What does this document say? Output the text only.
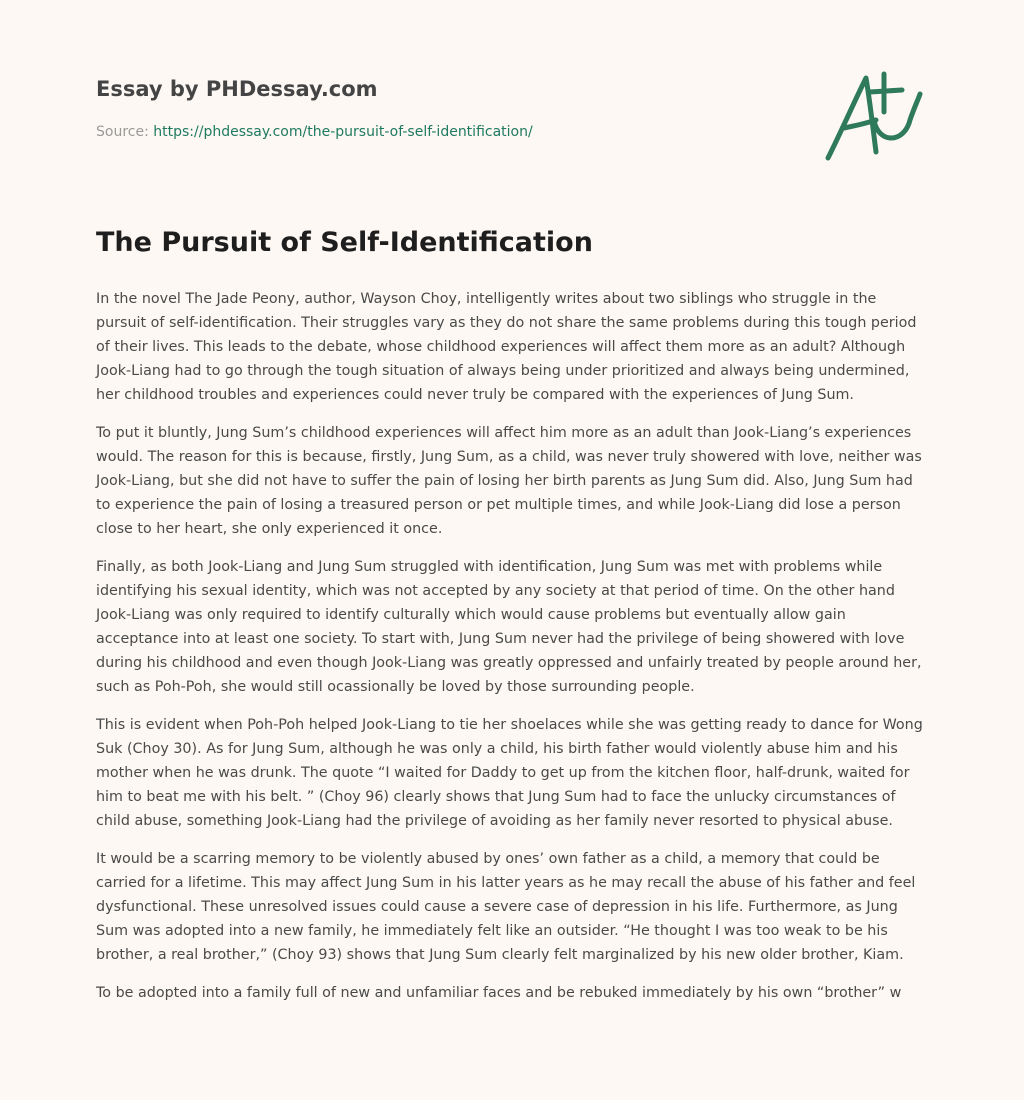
Essay by PHDessay.com
Source: https://phdessay.com/the-pursuit-of-self-identification/
The Pursuit of Self-Identification

In the novel The Jade Peony, author, Wayson Choy, intelligently writes about two siblings who struggle in the pursuit of self-identification. Their struggles vary as they do not share the same problems during this tough period of their lives. This leads to the debate, whose childhood experiences will affect them more as an adult? Although Jook-Liang had to go through the tough situation of always being under prioritized and always being undermined, her childhood troubles and experiences could never truly be compared with the experiences of Jung Sum.

To put it bluntly, Jung Sum’s childhood experiences will affect him more as an adult than Jook-Liang’s experiences would. The reason for this is because, firstly, Jung Sum, as a child, was never truly showered with love, neither was Jook-Liang, but she did not have to suffer the pain of losing her birth parents as Jung Sum did. Also, Jung Sum had to experience the pain of losing a treasured person or pet multiple times, and while Jook-Liang did lose a person close to her heart, she only experienced it once.

Finally, as both Jook-Liang and Jung Sum struggled with identification, Jung Sum was met with problems while identifying his sexual identity, which was not accepted by any society at that period of time. On the other hand Jook-Liang was only required to identify culturally which would cause problems but eventually allow gain acceptance into at least one society. To start with, Jung Sum never had the privilege of being showered with love during his childhood and even though Jook-Liang was greatly oppressed and unfairly treated by people around her, such as Poh-Poh, she would still ocassionally be loved by those surrounding people.

This is evident when Poh-Poh helped Jook-Liang to tie her shoelaces while she was getting ready to dance for Wong Suk (Choy 30). As for Jung Sum, although he was only a child, his birth father would violently abuse him and his mother when he was drunk. The quote “I waited for Daddy to get up from the kitchen floor, half-drunk, waited for him to beat me with his belt. ” (Choy 96) clearly shows that Jung Sum had to face the unlucky circumstances of child abuse, something Jook-Liang had the privilege of avoiding as her family never resorted to physical abuse.

It would be a scarring memory to be violently abused by ones’ own father as a child, a memory that could be carried for a lifetime. This may affect Jung Sum in his latter years as he may recall the abuse of his father and feel dysfunctional. These unresolved issues could cause a severe case of depression in his life. Furthermore, as Jung Sum was adopted into a new family, he immediately felt like an outsider. “He thought I was too weak to be his brother, a real brother,” (Choy 93) shows that Jung Sum clearly felt marginalized by his new older brother, Kiam.

To be adopted into a family full of new and unfamiliar faces and be rebuked immediately by his own “brother” w
